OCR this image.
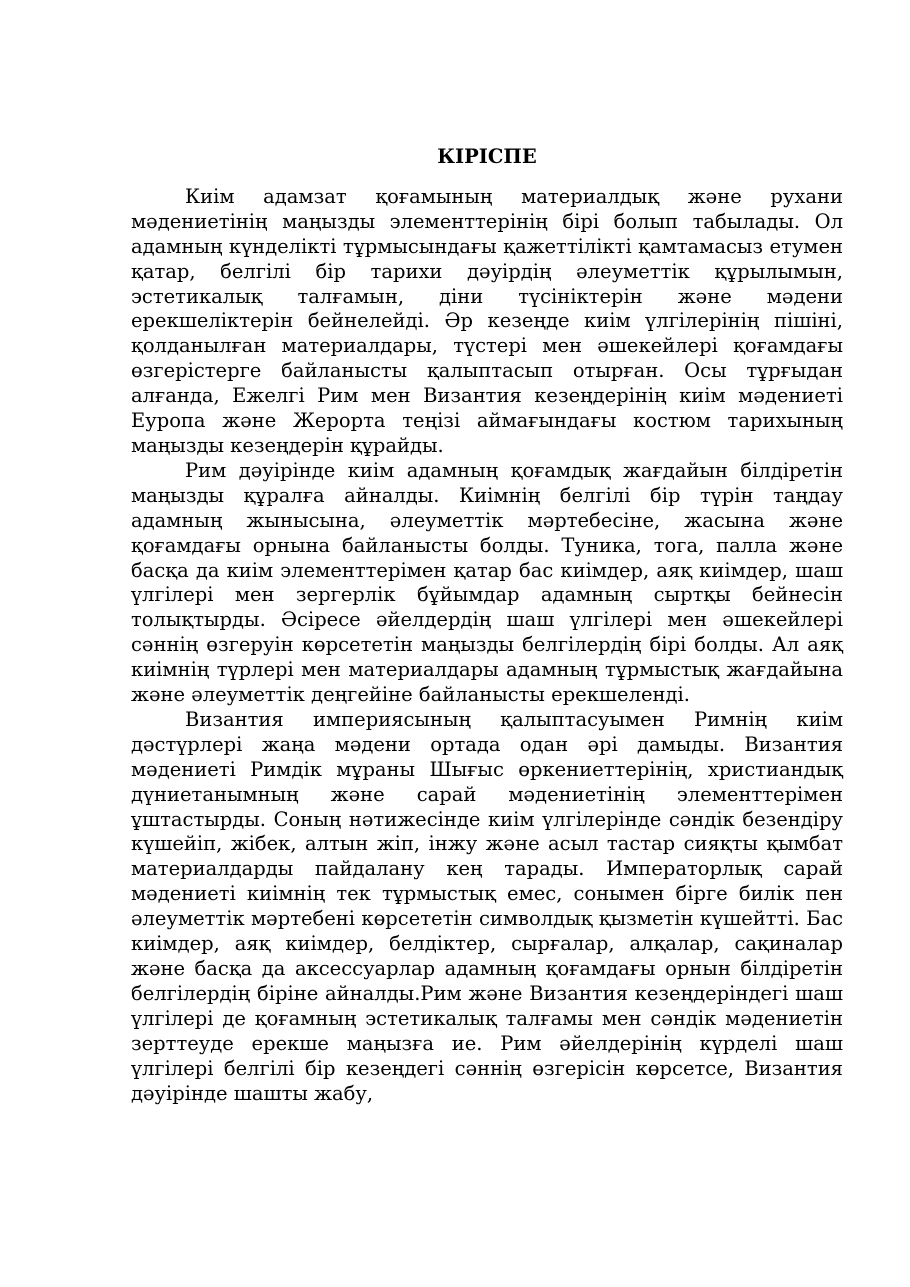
КІРІСПЕ

Киім адамзат қоғамының материалдық және рухани мәдениетінің маңызды элементтерінің бірі болып табылады. Ол адамның күнделікті тұрмысындағы қажеттілікті қамтамасыз етумен қатар, белгілі бір тарихи дәуірдің әлеуметтік құрылымын, эстетикалық талғамын, діни түсініктерін және мәдени ерекшеліктерін бейнелейді. Әр кезеңде киім үлгілерінің пішіні, қолданылған материалдары, түстері мен әшекейлері қоғамдағы өзгерістерге байланысты қалыптасып отырған. Осы тұрғыдан алғанда, Ежелгі Рим мен Византия кезеңдерінің киім мәдениеті Еуропа және Жерорта теңізі аймағындағы костюм тарихының маңызды кезеңдерін құрайды.

Рим дәуірінде киім адамның қоғамдық жағдайын білдіретін маңызды құралға айналды. Киімнің белгілі бір түрін таңдау адамның жынысына, әлеуметтік мәртебесіне, жасына және қоғамдағы орнына байланысты болды. Туника, тога, палла және басқа да киім элементтерімен қатар бас киімдер, аяқ киімдер, шаш үлгілері мен зергерлік бұйымдар адамның сыртқы бейнесін толықтырды. Әсіресе әйелдердің шаш үлгілері мен әшекейлері сәннің өзгеруін көрсететін маңызды белгілердің бірі болды. Ал аяқ киімнің түрлері мен материалдары адамның тұрмыстық жағдайына және әлеуметтік деңгейіне байланысты ерекшеленді.

Византия империясының қалыптасуымен Римнің киім дәстүрлері жаңа мәдени ортада одан әрі дамыды. Византия мәдениеті Римдік мұраны Шығыс өркениеттерінің, христиандық дүниетанымның және сарай мәдениетінің элементтерімен ұштастырды. Соның нәтижесінде киім үлгілерінде сәндік безендіру күшейіп, жібек, алтын жіп, інжу және асыл тастар сияқты қымбат материалдарды пайдалану кең тарады. Императорлық сарай мәдениеті киімнің тек тұрмыстық емес, сонымен бірге билік пен әлеуметтік мәртебені көрсететін символдық қызметін күшейтті. Бас киімдер, аяқ киімдер, белдіктер, сырғалар, алқалар, сақиналар және басқа да аксессуарлар адамның қоғамдағы орнын білдіретін белгілердің біріне айналды.Рим және Византия кезеңдеріндегі шаш үлгілері де қоғамның эстетикалық талғамы мен сәндік мәдениетін зерттеуде ерекше маңызға ие. Рим әйелдерінің күрделі шаш үлгілері белгілі бір кезеңдегі сәннің өзгерісін көрсетсе, Византия дәуірінде шашты жабу,
